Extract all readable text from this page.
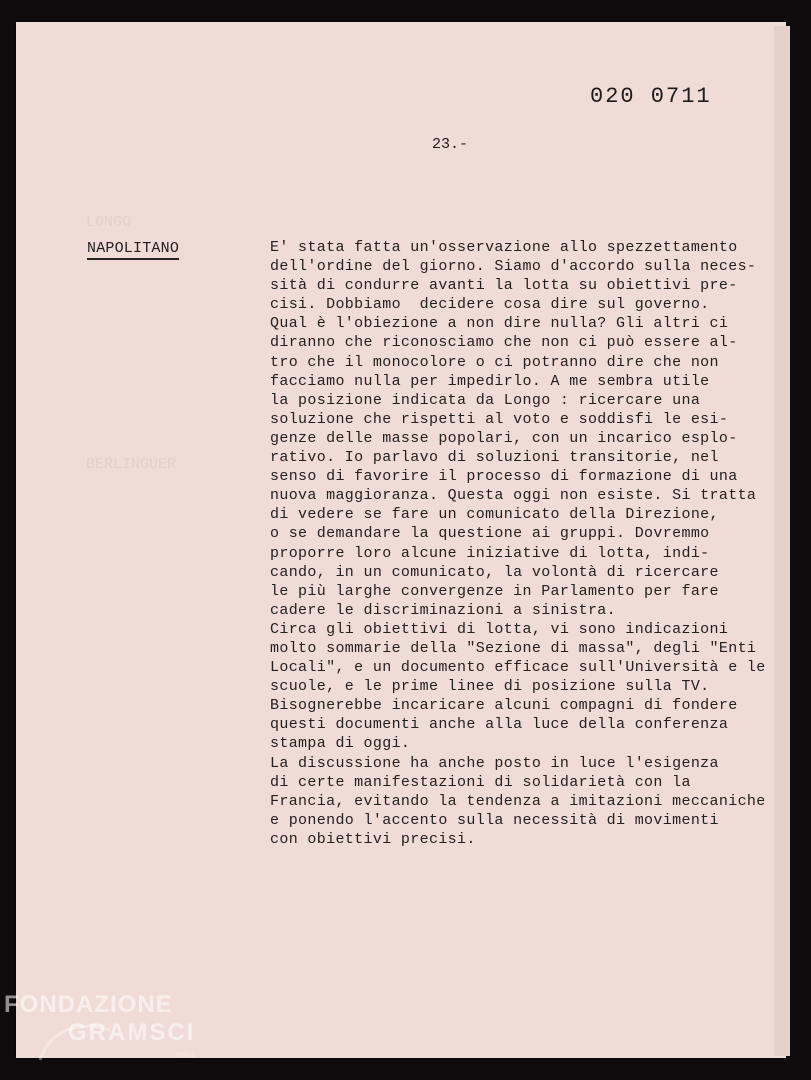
LONGO
BERLINGUER
020 0711
23.-
NAPOLITANO	E' stata fatta un'osservazione allo spezzettamento
dell'ordine del giorno. Siamo d'accordo sulla neces-
sità di condurre avanti la lotta su obiettivi pre-
cisi. Dobbiamo  decidere cosa dire sul governo.
Qual è l'obiezione a non dire nulla? Gli altri ci
diranno che riconosciamo che non ci può essere al-
tro che il monocolore o ci potranno dire che non
facciamo nulla per impedirlo. A me sembra utile
la posizione indicata da Longo : ricercare una
soluzione che rispetti al voto e soddisfi le esi-
genze delle masse popolari, con un incarico esplo-
rativo. Io parlavo di soluzioni transitorie, nel
senso di favorire il processo di formazione di una
nuova maggioranza. Questa oggi non esiste. Si tratta
di vedere se fare un comunicato della Direzione,
o se demandare la questione ai gruppi. Dovremmo
proporre loro alcune iniziative di lotta, indi-
cando, in un comunicato, la volontà di ricercare
le più larghe convergenze in Parlamento per fare
cadere le discriminazioni a sinistra.
Circa gli obiettivi di lotta, vi sono indicazioni
molto sommarie della "Sezione di massa", degli "Enti
Locali", e un documento efficace sull'Università e le
scuole, e le prime linee di posizione sulla TV.
Bisognerebbe incaricare alcuni compagni di fondere
questi documenti anche alla luce della conferenza
stampa di oggi.
La discussione ha anche posto in luce l'esigenza
di certe manifestazioni di solidarietà con la
Francia, evitando la tendenza a imitazioni meccaniche
e ponendo l'accento sulla necessità di movimenti
con obiettivi precisi.
FONDAZIONE
GRAMSCI
onlus
